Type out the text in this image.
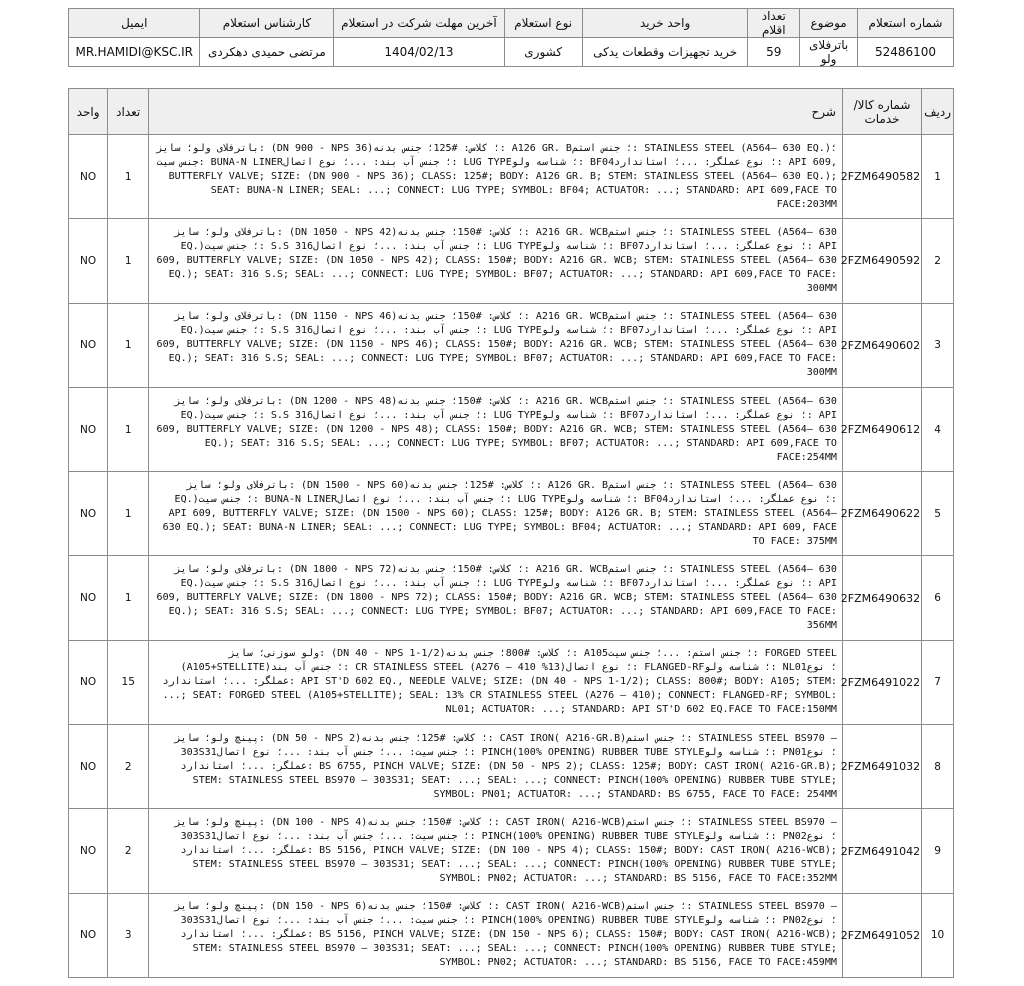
شماره استعلام	موضوع	تعداد اقلام	واحد خرید	نوع استعلام	آخرین مهلت شرکت در استعلام	کارشناس استعلام	ایمیل
52486100	باترفلای ولو	59	خرید تجهیزات وقطعات یدکی	کشوری	1404/02/13	مرتضی حمیدی دهکردی	MR.HAMIDI@KSC.IR
ردیف	شماره کالا/خدمات	شرح	تعداد	واحد
1	2FZM6490582	باترفلای ولو؛ سایز: (DN 900 - NPS 36)؛ کلاس: #125؛ جنس بدنه: A126 GR. B؛ جنس استم: STAINLESS STEEL (A564– 630 EQ.)؛ جنس سیت: BUNA-N LINER؛ جنس آب بند: ...؛ نوع اتصال: LUG TYPE؛ شناسه ولو: BF04؛ نوع عملگر: ...؛ استاندارد: API 609, BUTTERFLY VALVE; SIZE: (DN 900 - NPS 36); CLASS: 125#; BODY: A126 GR. B; STEM: STAINLESS STEEL (A564– 630 EQ.); SEAT: BUNA-N LINER; SEAL: ...; CONNECT: LUG TYPE; SYMBOL: BF04; ACTUATOR: ...; STANDARD: API 609,FACE TO FACE:203MM	1	NO
2	2FZM6490592	باترفلای ولو؛ سایز: (DN 1050 - NPS 42)؛ کلاس: #150؛ جنس بدنه: A216 GR. WCB؛ جنس استم: STAINLESS STEEL (A564– 630 EQ.)؛ جنس سیت: S.S 316؛ جنس آب بند: ...؛ نوع اتصال: LUG TYPE؛ شناسه ولو: BF07؛ نوع عملگر: ...؛ استاندارد: API 609, BUTTERFLY VALVE; SIZE: (DN 1050 - NPS 42); CLASS: 150#; BODY: A216 GR. WCB; STEM: STAINLESS STEEL (A564– 630 EQ.); SEAT: 316 S.S; SEAL: ...; CONNECT: LUG TYPE; SYMBOL: BF07; ACTUATOR: ...; STANDARD: API 609,FACE TO FACE: 300MM	1	NO
3	2FZM6490602	باترفلای ولو؛ سایز: (DN 1150 - NPS 46)؛ کلاس: #150؛ جنس بدنه: A216 GR. WCB؛ جنس استم: STAINLESS STEEL (A564– 630 EQ.)؛ جنس سیت: S.S 316؛ جنس آب بند: ...؛ نوع اتصال: LUG TYPE؛ شناسه ولو: BF07؛ نوع عملگر: ...؛ استاندارد: API 609, BUTTERFLY VALVE; SIZE: (DN 1150 - NPS 46); CLASS: 150#; BODY: A216 GR. WCB; STEM: STAINLESS STEEL (A564– 630 EQ.); SEAT: 316 S.S; SEAL: ...; CONNECT: LUG TYPE; SYMBOL: BF07; ACTUATOR: ...; STANDARD: API 609,FACE TO FACE: 300MM	1	NO
4	2FZM6490612	باترفلای ولو؛ سایز: (DN 1200 - NPS 48)؛ کلاس: #150؛ جنس بدنه: A216 GR. WCB؛ جنس استم: STAINLESS STEEL (A564– 630 EQ.)؛ جنس سیت: S.S 316؛ جنس آب بند: ...؛ نوع اتصال: LUG TYPE؛ شناسه ولو: BF07؛ نوع عملگر: ...؛ استاندارد: API 609, BUTTERFLY VALVE; SIZE: (DN 1200 - NPS 48); CLASS: 150#; BODY: A216 GR. WCB; STEM: STAINLESS STEEL (A564– 630 EQ.); SEAT: 316 S.S; SEAL: ...; CONNECT: LUG TYPE; SYMBOL: BF07; ACTUATOR: ...; STANDARD: API 609,FACE TO FACE:254MM	1	NO
5	2FZM6490622	باترفلای ولو؛ سایز: (DN 1500 - NPS 60)؛ کلاس: #125؛ جنس بدنه: A126 GR. B؛ جنس استم: STAINLESS STEEL (A564– 630 EQ.)؛ جنس سیت: BUNA-N LINER؛ جنس آب بند: ...؛ نوع اتصال: LUG TYPE؛ شناسه ولو: BF04؛ نوع عملگر: ...؛ استاندارد: API 609, BUTTERFLY VALVE; SIZE: (DN 1500 - NPS 60); CLASS: 125#; BODY: A126 GR. B; STEM: STAINLESS STEEL (A564– 630 EQ.); SEAT: BUNA-N LINER; SEAL: ...; CONNECT: LUG TYPE; SYMBOL: BF04; ACTUATOR: ...; STANDARD: API 609, FACE TO FACE: 375MM	1	NO
6	2FZM6490632	باترفلای ولو؛ سایز: (DN 1800 - NPS 72)؛ کلاس: #150؛ جنس بدنه: A216 GR. WCB؛ جنس استم: STAINLESS STEEL (A564– 630 EQ.)؛ جنس سیت: S.S 316؛ جنس آب بند: ...؛ نوع اتصال: LUG TYPE؛ شناسه ولو: BF07؛ نوع عملگر: ...؛ استاندارد: API 609, BUTTERFLY VALVE; SIZE: (DN 1800 - NPS 72); CLASS: 150#; BODY: A216 GR. WCB; STEM: STAINLESS STEEL (A564– 630 EQ.); SEAT: 316 S.S; SEAL: ...; CONNECT: LUG TYPE; SYMBOL: BF07; ACTUATOR: ...; STANDARD: API 609,FACE TO FACE: 356MM	1	NO
7	2FZM6491022	ولو سوزنی؛ سایز: (DN 40 - NPS 1-1/2)؛ کلاس: #800؛ جنس بدنه: A105؛ جنس استم: ...؛ جنس سیت: FORGED STEEL (A105+STELLITE)؛ جنس آب بند: CR STAINLESS STEEL (A276 – 410 %13)؛ نوع اتصال: FLANGED-RF؛ شناسه ولو: NL01؛ نوع عملگر: ...؛ استاندارد: API ST'D 602 EQ., NEEDLE VALVE; SIZE: (DN 40 - NPS 1-1/2); CLASS: 800#; BODY: A105; STEM: ...; SEAT: FORGED STEEL (A105+STELLITE); SEAL: 13% CR STAINLESS STEEL (A276 – 410); CONNECT: FLANGED-RF; SYMBOL: NL01; ACTUATOR: ...; STANDARD: API ST'D 602 EQ.FACE TO FACE:150MM	15	NO
8	2FZM6491032	پینچ ولو؛ سایز: (DN 50 - NPS 2)؛ کلاس: #125؛ جنس بدنه: CAST IRON( A216-GR.B)؛ جنس استم: STAINLESS STEEL BS970 – 303S31؛ جنس سیت: ...؛ جنس آب بند: ...؛ نوع اتصال: PINCH(100% OPENING) RUBBER TUBE STYLE؛ شناسه ولو: PN01؛ نوع عملگر: ...؛ استاندارد: BS 6755, PINCH VALVE; SIZE: (DN 50 - NPS 2); CLASS: 125#; BODY: CAST IRON( A216-GR.B); STEM: STAINLESS STEEL BS970 – 303S31; SEAT: ...; SEAL: ...; CONNECT: PINCH(100% OPENING) RUBBER TUBE STYLE; SYMBOL: PN01; ACTUATOR: ...; STANDARD: BS 6755, FACE TO FACE: 254MM	2	NO
9	2FZM6491042	پینچ ولو؛ سایز: (DN 100 - NPS 4)؛ کلاس: #150؛ جنس بدنه: CAST IRON( A216-WCB)؛ جنس استم: STAINLESS STEEL BS970 – 303S31؛ جنس سیت: ...؛ جنس آب بند: ...؛ نوع اتصال: PINCH(100% OPENING) RUBBER TUBE STYLE؛ شناسه ولو: PN02؛ نوع عملگر: ...؛ استاندارد: BS 5156, PINCH VALVE; SIZE: (DN 100 - NPS 4); CLASS: 150#; BODY: CAST IRON( A216-WCB); STEM: STAINLESS STEEL BS970 – 303S31; SEAT: ...; SEAL: ...; CONNECT: PINCH(100% OPENING) RUBBER TUBE STYLE; SYMBOL: PN02; ACTUATOR: ...; STANDARD: BS 5156, FACE TO FACE:352MM	2	NO
10	2FZM6491052	پینچ ولو؛ سایز: (DN 150 - NPS 6)؛ کلاس: #150؛ جنس بدنه: CAST IRON( A216-WCB)؛ جنس استم: STAINLESS STEEL BS970 – 303S31؛ جنس سیت: ...؛ جنس آب بند: ...؛ نوع اتصال: PINCH(100% OPENING) RUBBER TUBE STYLE؛ شناسه ولو: PN02؛ نوع عملگر: ...؛ استاندارد: BS 5156, PINCH VALVE; SIZE: (DN 150 - NPS 6); CLASS: 150#; BODY: CAST IRON( A216-WCB); STEM: STAINLESS STEEL BS970 – 303S31; SEAT: ...; SEAL: ...; CONNECT: PINCH(100% OPENING) RUBBER TUBE STYLE; SYMBOL: PN02; ACTUATOR: ...; STANDARD: BS 5156, FACE TO FACE:459MM	3	NO
